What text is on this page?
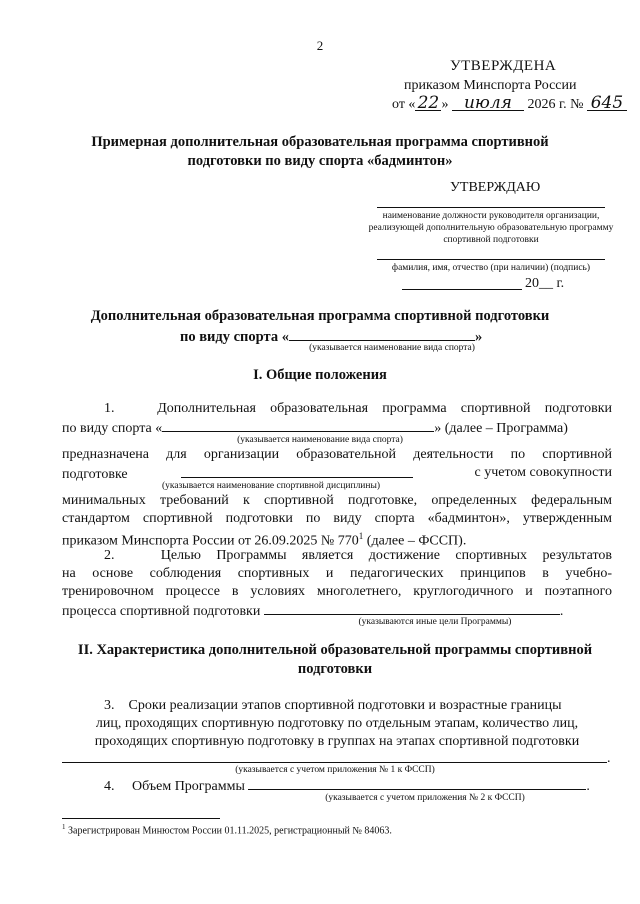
2
УТВЕРЖДЕНА
приказом Минспорта России
от « 22 » июля 2026 г. № 645
Примерная дополнительная образовательная программа спортивной подготовки по виду спорта «бадминтон»
УТВЕРЖДАЮ
наименование должности руководителя организации, реализующей дополнительную образовательную программу спортивной подготовки
фамилия, имя, отчество (при наличии) (подпись)
20__ г.
Дополнительная образовательная программа спортивной подготовки
по виду спорта «	»
(указывается наименование вида спорта)
I. Общие положения
1.   Дополнительная образовательная программа спортивной подготовки
по виду спорта «	» (далее – Программа)
(указывается наименование вида спорта)
предназначена для организации образовательной деятельности по спортивной
подготовке	с учетом совокупности
(указывается наименование спортивной дисциплины)
минимальных требований к спортивной подготовке, определенных федеральным
стандартом спортивной подготовки по виду спорта «бадминтон», утвержденным
приказом Минспорта России от 26.09.2025 № $770^1$ (далее – ФССП).
2.   Целью Программы является достижение спортивных результатов
на основе соблюдения спортивных и педагогических принципов в учебно-
тренировочном процессе в условиях многолетнего, круглогодичного и поэтапного
процесса спортивной подготовки	.
(указываются иные цели Программы)
II. Характеристика дополнительной образовательной программы спортивной
подготовки
3.    Сроки реализации этапов спортивной подготовки и возрастные границы
лиц, проходящих спортивную подготовку по отдельным этапам, количество лиц,
проходящих спортивную подготовку в группах на этапах спортивной подготовки
.
(указывается с учетом приложения № 1 к ФССП)
4.     Объем Программы	.
(указывается с учетом приложения № 2 к ФССП)
$^1$ Зарегистрирован Минюстом России 01.11.2025, регистрационный № 84063.
